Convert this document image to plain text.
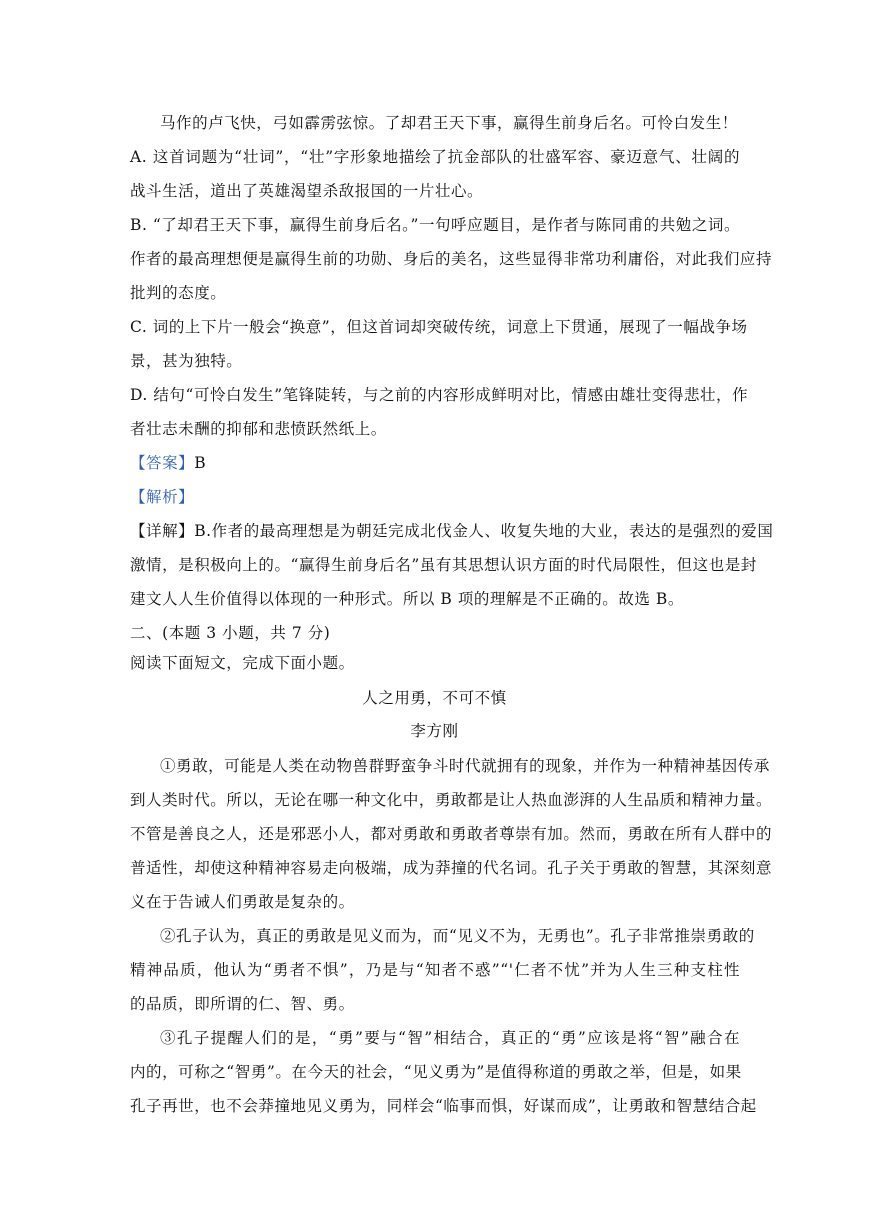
马作的卢飞快，弓如霹雳弦惊。了却君王天下事，赢得生前身后名。可怜白发生！
A. 这首词题为“壮词”，“壮”字形象地描绘了抗金部队的壮盛军容、豪迈意气、壮阔的
战斗生活，道出了英雄渴望杀敌报国的一片壮心。
B. “了却君王天下事，赢得生前身后名。”一句呼应题目，是作者与陈同甫的共勉之词。
作者的最高理想便是赢得生前的功勋、身后的美名，这些显得非常功利庸俗，对此我们应持
批判的态度。
C. 词的上下片一般会“换意”，但这首词却突破传统，词意上下贯通，展现了一幅战争场
景，甚为独特。
D. 结句“可怜白发生”笔锋陡转，与之前的内容形成鲜明对比，情感由雄壮变得悲壮，作
者壮志未酬的抑郁和悲愤跃然纸上。
【答案】B
【解析】
【详解】B.作者的最高理想是为朝廷完成北伐金人、收复失地的大业，表达的是强烈的爱国
激情，是积极向上的。“赢得生前身后名”虽有其思想认识方面的时代局限性，但这也是封
建文人人生价值得以体现的一种形式。所以 B 项的理解是不正确的。故选 B。
二、(本题 3 小题，共 7 分)
阅读下面短文，完成下面小题。
人之用勇，不可不慎
李方刚
①勇敢，可能是人类在动物兽群野蛮争斗时代就拥有的现象，并作为一种精神基因传承
到人类时代。所以，无论在哪一种文化中，勇敢都是让人热血澎湃的人生品质和精神力量。
不管是善良之人，还是邪恶小人，都对勇敢和勇敢者尊崇有加。然而，勇敢在所有人群中的
普适性，却使这种精神容易走向极端，成为莽撞的代名词。孔子关于勇敢的智慧，其深刻意
义在于告诫人们勇敢是复杂的。
②孔子认为，真正的勇敢是见义而为，而“见义不为，无勇也”。孔子非常推崇勇敢的
精神品质，他认为“勇者不惧”，乃是与“知者不惑”“'仁者不忧”并为人生三种支柱性
的品质，即所谓的仁、智、勇。
③孔子提醒人们的是，“勇”要与“智”相结合，真正的“勇”应该是将“智”融合在
内的，可称之“智勇”。在今天的社会，“见义勇为”是值得称道的勇敢之举，但是，如果
孔子再世，也不会莽撞地见义勇为，同样会“临事而惧，好谋而成”，让勇敢和智慧结合起
